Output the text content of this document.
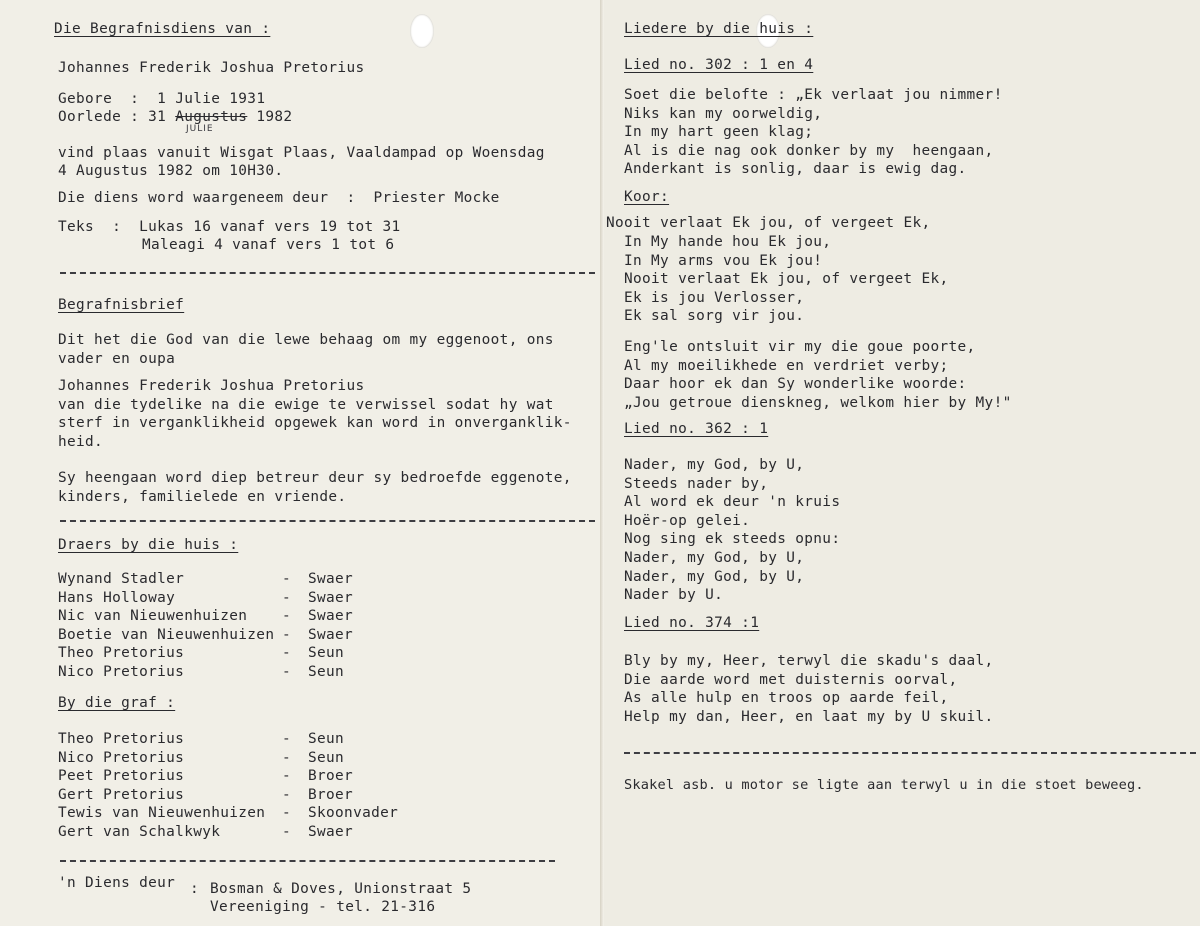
Die Begrafnisdiens van :
Johannes Frederik Joshua Pretorius
Gebore  :  1 Julie 1931
Oorlede : 31 Augustus 1982
JULIE
vind plaas vanuit Wisgat Plaas, Vaaldampad op Woensdag
4 Augustus 1982 om 10H30.
Die diens word waargeneem deur  :  Priester Mocke
Teks  :  Lukas 16 vanaf vers 19 tot 31
Maleagi 4 vanaf vers 1 tot 6
Begrafnisbrief
Dit het die God van die lewe behaag om my eggenoot, ons
vader en oupa
Johannes Frederik Joshua Pretorius
van die tydelike na die ewige te verwissel sodat hy wat
sterf in verganklikheid opgewek kan word in onverganklik-
heid.
Sy heengaan word diep betreur deur sy bedroefde eggenote,
kinders, familielede en vriende.
Draers by die huis :
Wynand Stadler	-	Swaer
Hans Holloway	-	Swaer
Nic van Nieuwenhuizen	-	Swaer
Boetie van Nieuwenhuizen -	Swaer
Theo Pretorius	-	Seun
Nico Pretorius	-	Seun
By die graf :
Theo Pretorius	-	Seun
Nico Pretorius	-	Seun
Peet Pretorius	-	Broer
Gert Pretorius	-	Broer
Tewis van Nieuwenhuizen	-	Skoonvader
Gert van Schalkwyk	-	Swaer
'n Diens deur : Bosman & Doves, Unionstraat 5
Vereeniging - tel. 21-316
Liedere by die huis :
Lied no. 302 : 1 en 4
Soet die belofte : „Ek verlaat jou nimmer!
Niks kan my oorweldig,
In my hart geen klag;
Al is die nag ook donker by my  heengaan,
Anderkant is sonlig, daar is ewig dag.
Koor:
Nooit verlaat Ek jou, of vergeet Ek,
In My hande hou Ek jou,
In My arms vou Ek jou!
Nooit verlaat Ek jou, of vergeet Ek,
Ek is jou Verlosser,
Ek sal sorg vir jou.
Eng'le ontsluit vir my die goue poorte,
Al my moeilikhede en verdriet verby;
Daar hoor ek dan Sy wonderlike woorde:
„Jou getroue dienskneg, welkom hier by My!"
Lied no. 362 : 1
Nader, my God, by U,
Steeds nader by,
Al word ek deur 'n kruis
Hoër-op gelei.
Nog sing ek steeds opnu:
Nader, my God, by U,
Nader, my God, by U,
Nader by U.
Lied no. 374 :1
Bly by my, Heer, terwyl die skadu's daal,
Die aarde word met duisternis oorval,
As alle hulp en troos op aarde feil,
Help my dan, Heer, en laat my by U skuil.
Skakel asb. u motor se ligte aan terwyl u in die stoet beweeg.
